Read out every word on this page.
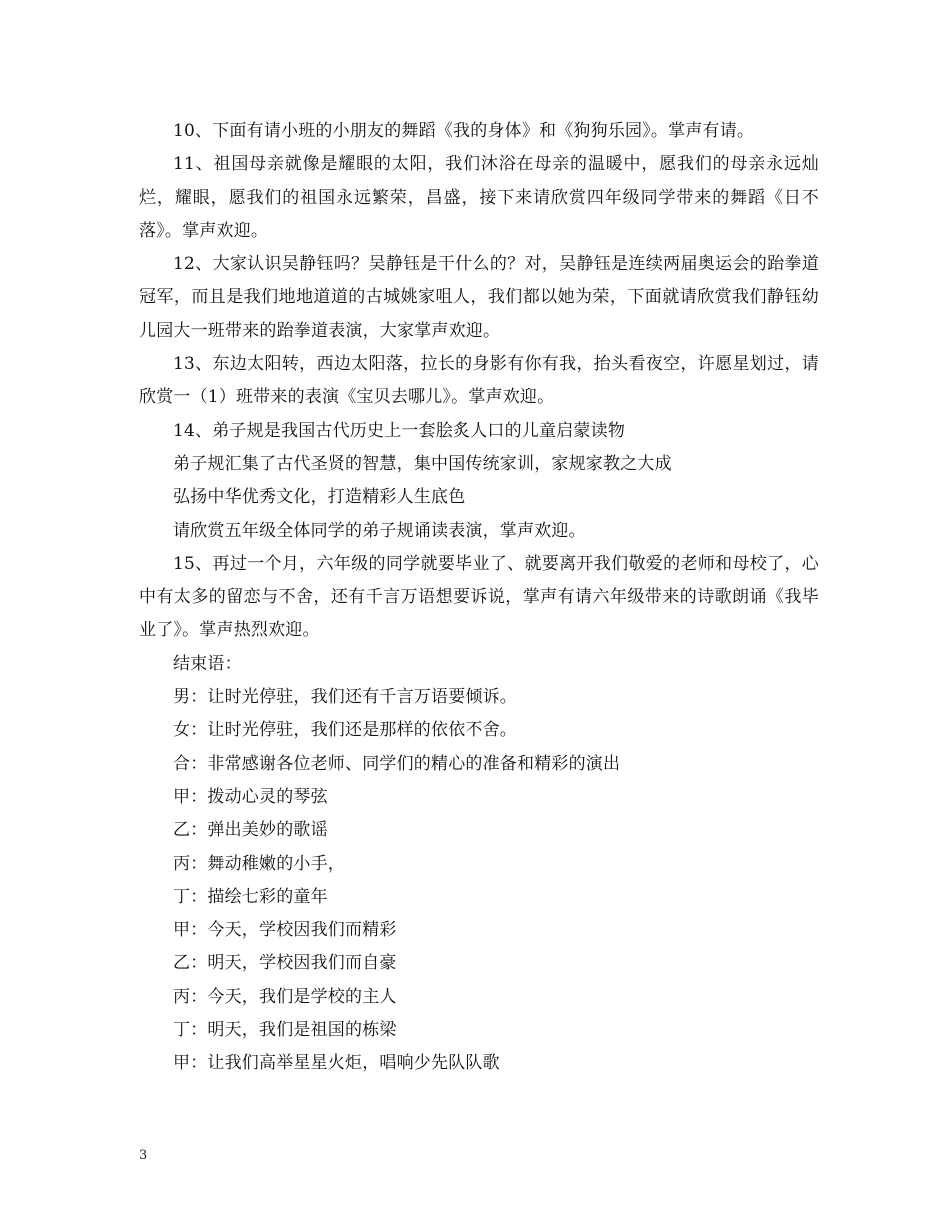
10、下面有请小班的小朋友的舞蹈《我的身体》和《狗狗乐园》。掌声有请。

11、祖国母亲就像是耀眼的太阳，我们沐浴在母亲的温暖中，愿我们的母亲永远灿烂，耀眼，愿我们的祖国永远繁荣，昌盛，接下来请欣赏四年级同学带来的舞蹈《日不落》。掌声欢迎。

12、大家认识吴静钰吗？吴静钰是干什么的？对，吴静钰是连续两届奥运会的跆拳道冠军，而且是我们地地道道的古城姚家咀人，我们都以她为荣，下面就请欣赏我们静钰幼儿园大一班带来的跆拳道表演，大家掌声欢迎。

13、东边太阳转，西边太阳落，拉长的身影有你有我，抬头看夜空，许愿星划过，请欣赏一（1）班带来的表演《宝贝去哪儿》。掌声欢迎。

14、弟子规是我国古代历史上一套脍炙人口的儿童启蒙读物

弟子规汇集了古代圣贤的智慧，集中国传统家训，家规家教之大成

弘扬中华优秀文化，打造精彩人生底色

请欣赏五年级全体同学的弟子规诵读表演，掌声欢迎。

15、再过一个月，六年级的同学就要毕业了、就要离开我们敬爱的老师和母校了，心中有太多的留恋与不舍，还有千言万语想要诉说，掌声有请六年级带来的诗歌朗诵《我毕业了》。掌声热烈欢迎。

结束语：

男：让时光停驻，我们还有千言万语要倾诉。

女：让时光停驻，我们还是那样的依依不舍。

合：非常感谢各位老师、同学们的精心的准备和精彩的演出

甲：拨动心灵的琴弦

乙：弹出美妙的歌谣

丙：舞动稚嫩的小手，

丁：描绘七彩的童年

甲：今天，学校因我们而精彩

乙：明天，学校因我们而自豪

丙：今天，我们是学校的主人

丁：明天，我们是祖国的栋梁

甲：让我们高举星星火炬，唱响少先队队歌

3
